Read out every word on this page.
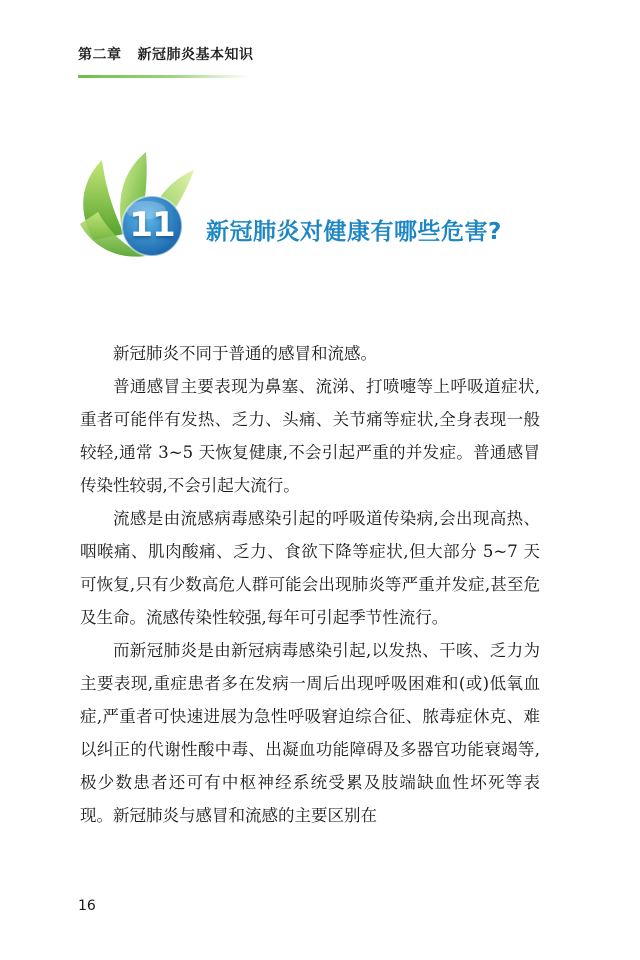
第二章 新冠肺炎基本知识
11	新冠肺炎对健康有哪些危害?

新冠肺炎不同于普通的感冒和流感。

普通感冒主要表现为鼻塞、流涕、打喷嚏等上呼吸道症状,重者可能伴有发热、乏力、头痛、关节痛等症状,全身表现一般较轻,通常 3~5 天恢复健康,不会引起严重的并发症。普通感冒传染性较弱,不会引起大流行。

流感是由流感病毒感染引起的呼吸道传染病,会出现高热、咽喉痛、肌肉酸痛、乏力、食欲下降等症状,但大部分 5~7 天可恢复,只有少数高危人群可能会出现肺炎等严重并发症,甚至危及生命。流感传染性较强,每年可引起季节性流行。

而新冠肺炎是由新冠病毒感染引起,以发热、干咳、乏力为主要表现,重症患者多在发病一周后出现呼吸困难和(或)低氧血症,严重者可快速进展为急性呼吸窘迫综合征、脓毒症休克、难以纠正的代谢性酸中毒、出凝血功能障碍及多器官功能衰竭等,极少数患者还可有中枢神经系统受累及肢端缺血性坏死等表现。新冠肺炎与感冒和流感的主要区别在

16
